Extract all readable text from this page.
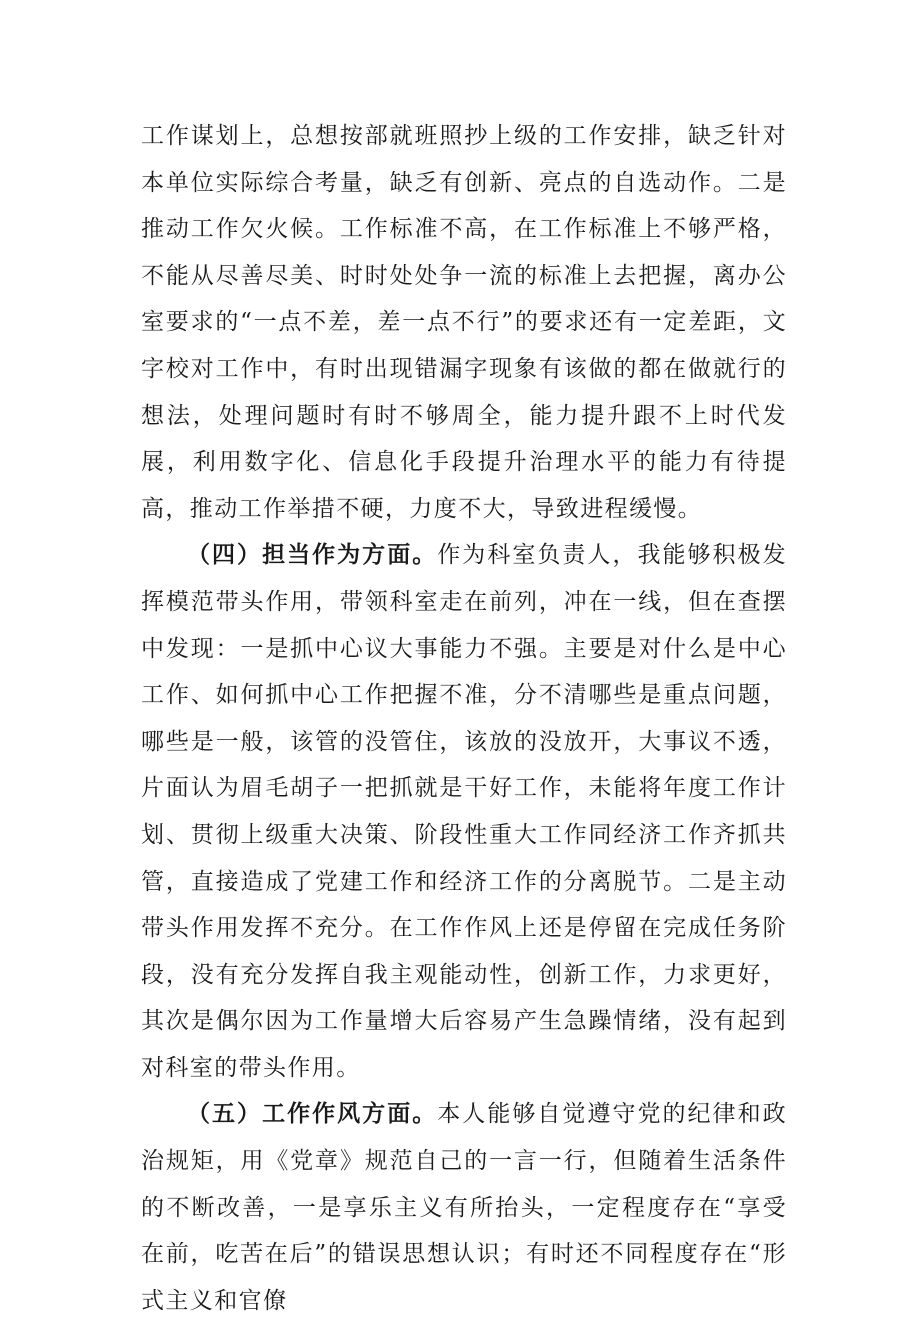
工作谋划上，总想按部就班照抄上级的工作安排，缺乏针对本单位实际综合考量，缺乏有创新、亮点的自选动作。二是推动工作欠火候。工作标准不高，在工作标准上不够严格，不能从尽善尽美、时时处处争一流的标准上去把握，离办公室要求的“一点不差，差一点不行”的要求还有一定差距，文字校对工作中，有时出现错漏字现象有该做的都在做就行的想法，处理问题时有时不够周全，能力提升跟不上时代发展，利用数字化、信息化手段提升治理水平的能力有待提高，推动工作举措不硬，力度不大，导致进程缓慢。

（四）担当作为方面。作为科室负责人，我能够积极发挥模范带头作用，带领科室走在前列，冲在一线，但在查摆中发现：一是抓中心议大事能力不强。主要是对什么是中心工作、如何抓中心工作把握不准，分不清哪些是重点问题，哪些是一般，该管的没管住，该放的没放开，大事议不透，片面认为眉毛胡子一把抓就是干好工作，未能将年度工作计划、贯彻上级重大决策、阶段性重大工作同经济工作齐抓共管，直接造成了党建工作和经济工作的分离脱节。二是主动带头作用发挥不充分。在工作作风上还是停留在完成任务阶段，没有充分发挥自我主观能动性，创新工作，力求更好，其次是偶尔因为工作量增大后容易产生急躁情绪，没有起到对科室的带头作用。

（五）工作作风方面。本人能够自觉遵守党的纪律和政治规矩，用《党章》规范自己的一言一行，但随着生活条件的不断改善，一是享乐主义有所抬头，一定程度存在“享受在前，吃苦在后”的错误思想认识；有时还不同程度存在“形式主义和官僚
